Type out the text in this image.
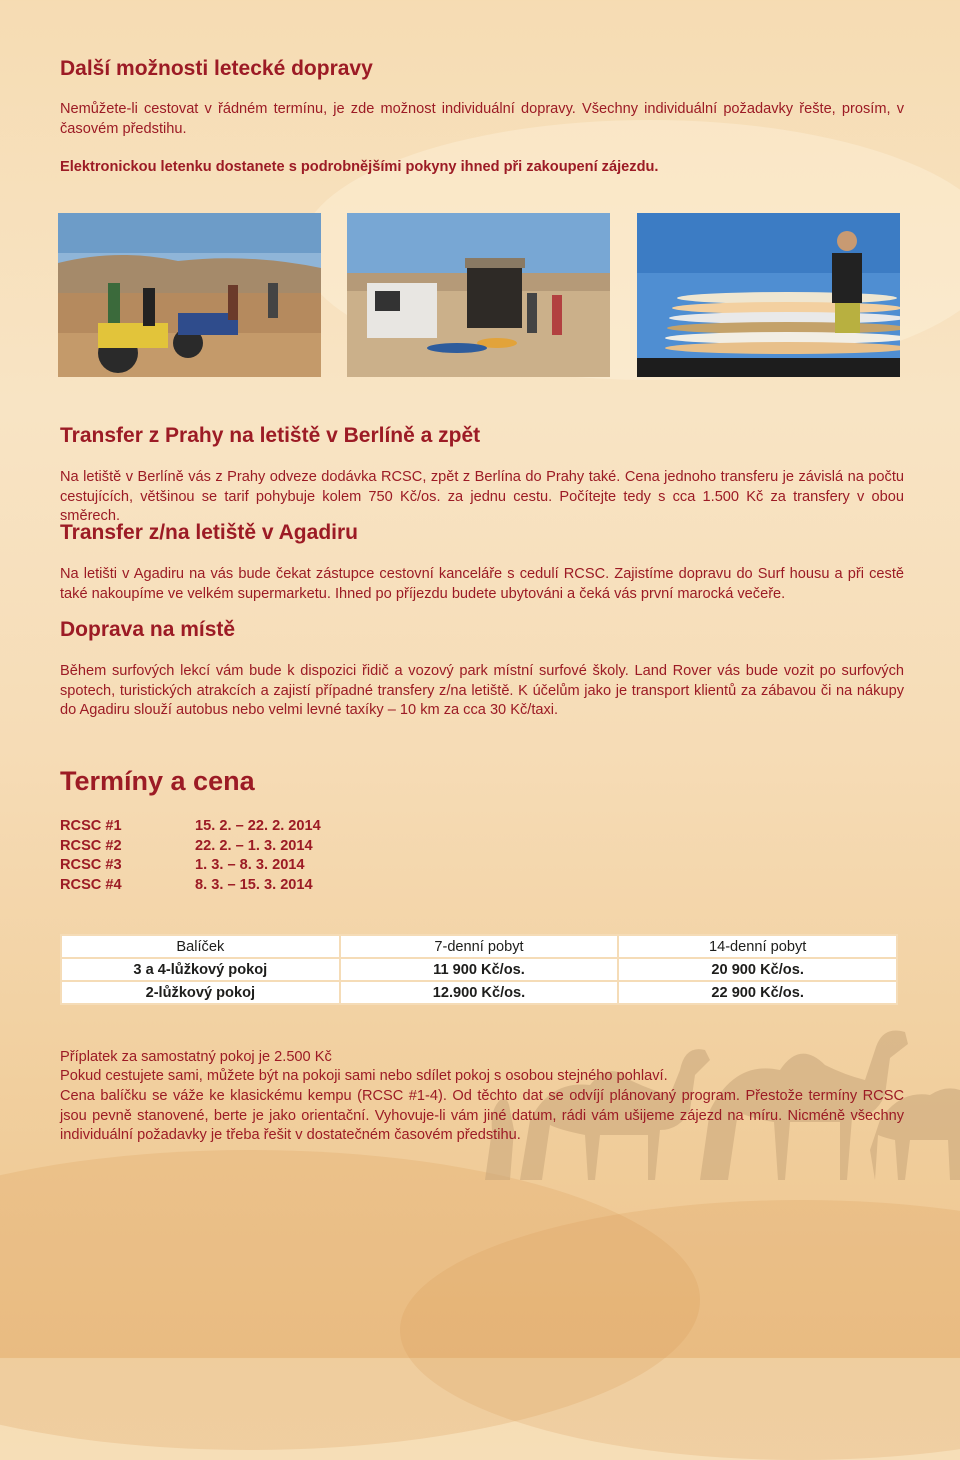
Další možnosti letecké dopravy

Nemůžete-li cestovat v řádném termínu, je zde možnost individuální dopravy. Všechny individuální požadavky řešte, prosím, v časovém předstihu.

Elektronickou letenku dostanete s podrobnějšími pokyny ihned při zakoupení zájezdu.

Transfer z Prahy na letiště v Berlíně a zpět

Na letiště v Berlíně vás z Prahy odveze dodávka RCSC, zpět z Berlína do Prahy také. Cena jednoho transferu je závislá na počtu cestujících, většinou se tarif pohybuje kolem 750 Kč/os. za jednu cestu. Počítejte tedy s cca 1.500 Kč za transfery v obou směrech.

Transfer z/na letiště v Agadiru

Na letišti v Agadiru na vás bude čekat zástupce cestovní kanceláře s cedulí RCSC. Zajistíme dopravu do Surf housu a při cestě také nakoupíme ve velkém supermarketu. Ihned po příjezdu budete ubytováni a čeká vás první marocká večeře.

Doprava na místě

Během surfových lekcí vám bude k dispozici řidič a vozový park místní surfové školy. Land Rover vás bude vozit po surfových spotech, turistických atrakcích a zajistí případné transfery z/na letiště. K účelům jako je transport klientů za zábavou či na nákupy do Agadiru slouží autobus nebo velmi levné taxíky – 10 km za cca 30 Kč/taxi.

Termíny a cena
RCSC #1	15. 2. – 22. 2. 2014
RCSC #2	22. 2. – 1. 3. 2014
RCSC #3	1. 3. – 8. 3. 2014
RCSC #4	8. 3. – 15. 3. 2014
Balíček	7-denní pobyt	14-denní pobyt
3 a 4-lůžkový pokoj	11 900 Kč/os.	20 900 Kč/os.
2-lůžkový pokoj	12.900 Kč/os.	22 900 Kč/os.

Příplatek za samostatný pokoj je 2.500 Kč

Pokud cestujete sami, můžete být na pokoji sami nebo sdílet pokoj s osobou stejného pohlaví.

Cena balíčku se váže ke klasickému kempu (RCSC #1-4). Od těchto dat se odvíjí plánovaný program. Přestože termíny RCSC jsou pevně stanovené, berte je jako orientační. Vyhovuje-li vám jiné datum, rádi vám ušijeme zájezd na míru. Nicméně všechny individuální požadavky je třeba řešit v dostatečném časovém předstihu.
